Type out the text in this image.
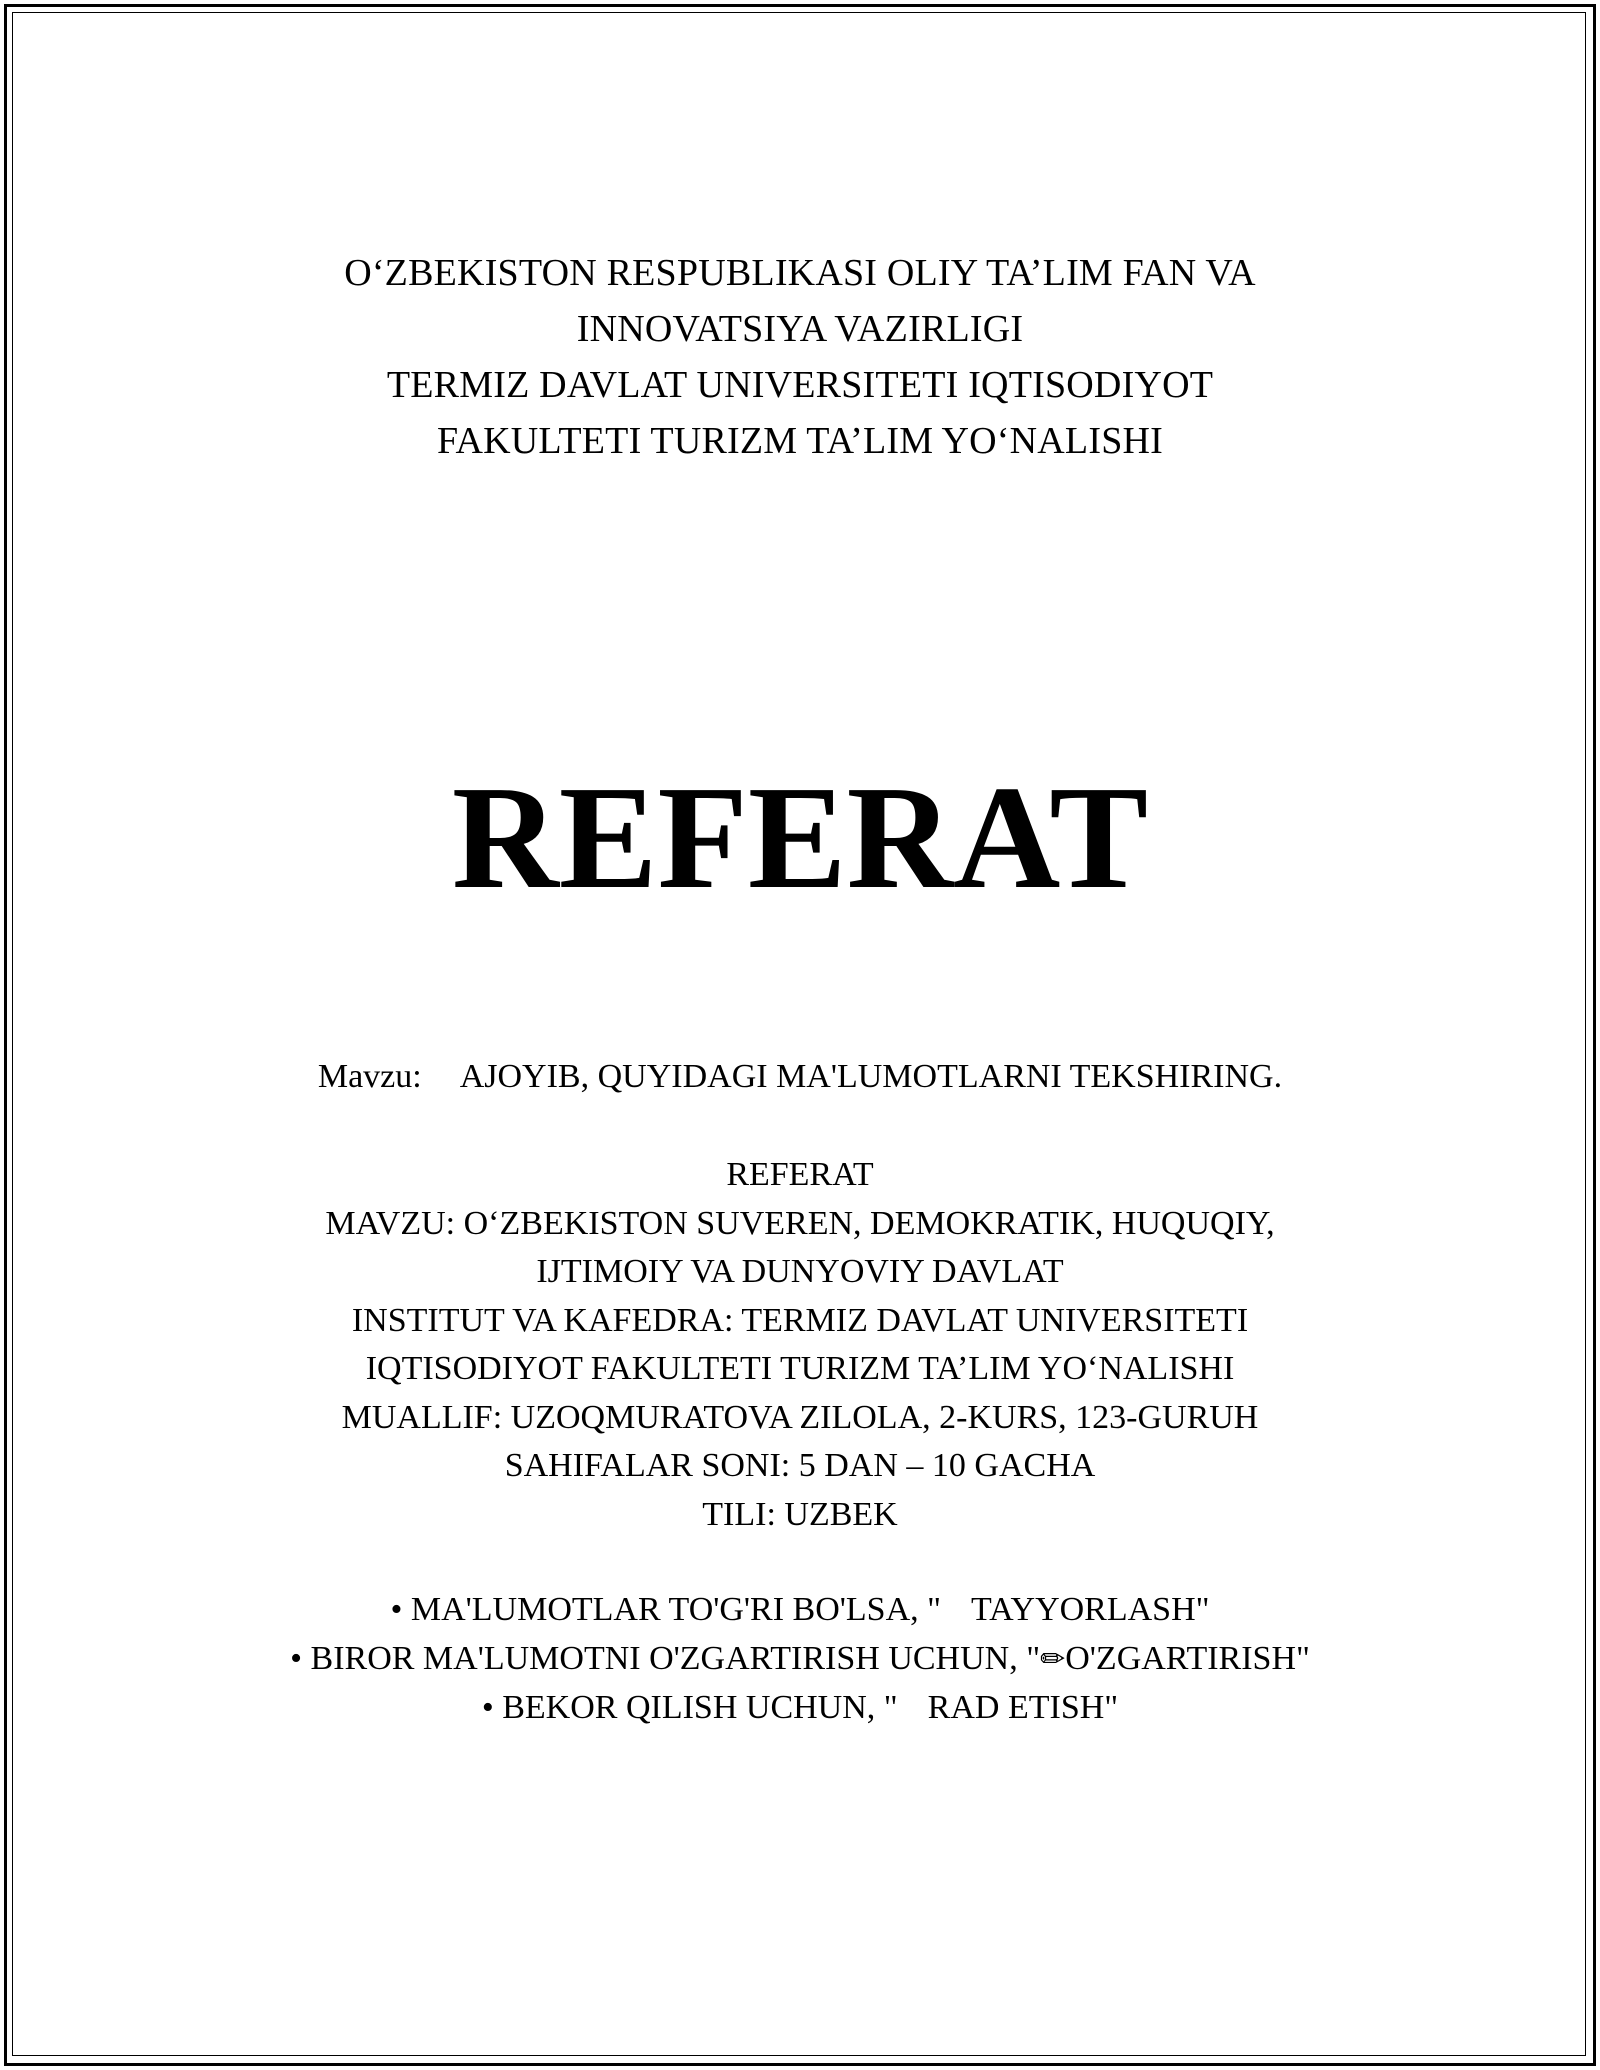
O‘ZBEKISTON RESPUBLIKASI OLIY TA’LIM FAN VA
INNOVATSIYA VAZIRLIGI
TERMIZ DAVLAT UNIVERSITETI IQTISODIYOT
FAKULTETI TURIZM TA’LIM YO‘NALISHI
REFERAT
Mavzu: AJOYIB, QUYIDAGI MA'LUMOTLARNI TEKSHIRING.
REFERAT
MAVZU: O‘ZBEKISTON SUVEREN, DEMOKRATIK, HUQUQIY,
IJTIMOIY VA DUNYOVIY DAVLAT
INSTITUT VA KAFEDRA: TERMIZ DAVLAT UNIVERSITETI
IQTISODIYOT FAKULTETI TURIZM TA’LIM YO‘NALISHI
MUALLIF: UZOQMURATOVA ZILOLA, 2-KURS, 123-GURUH
SAHIFALAR SONI: 5 DAN – 10 GACHA
TILI: UZBEK
• MA'LUMOTLAR TO'G'RI BO'LSA, " TAYYORLASH"
• BIROR MA'LUMOTNI O'ZGARTIRISH UCHUN, "✏O'ZGARTIRISH"
• BEKOR QILISH UCHUN, " RAD ETISH"
